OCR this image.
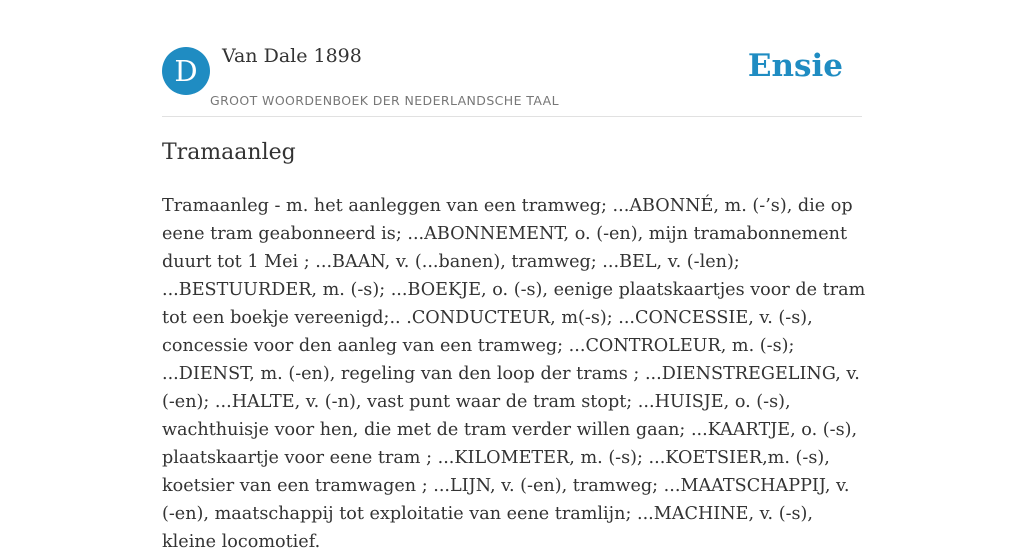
D	Van Dale 1898
GROOT WOORDENBOEK DER NEDERLANDSCHE TAAL
Ensie
Tramaanleg

Tramaanleg - m. het aanleggen van een tramweg; ...ABONNÉ, m. (-’s), die op eene tram geabonneerd is; ...ABONNEMENT, o. (-en), mijn tramabonnement duurt tot 1 Mei ; ...BAAN, v. (...banen), tramweg; ...BEL, v. (-len); ...BESTUURDER, m. (-s); ...BOEKJE, o. (-s), eenige plaatskaartjes voor de tram tot een boekje vereenigd;.. .CONDUCTEUR, m(-s); ...CONCESSIE, v. (-s), concessie voor den aanleg van een tramweg; ...CONTROLEUR, m. (-s); ...DIENST, m. (-en), regeling van den loop der trams ; ...DIENSTREGELING, v. (-en); ...HALTE, v. (-n), vast punt waar de tram stopt; ...HUISJE, o. (-s), wachthuisje voor hen, die met de tram verder willen gaan; ...KAARTJE, o. (-s), plaatskaartje voor eene tram ; ...KILOMETER, m. (-s); ...KOETSIER,m. (-s), koetsier van een tramwagen ; ...LIJN, v. (-en), tramweg; ...MAATSCHAPPIJ, v. (-en), maatschappij tot exploitatie van eene tramlijn; ...MACHINE, v. (-s), kleine locomotief.
